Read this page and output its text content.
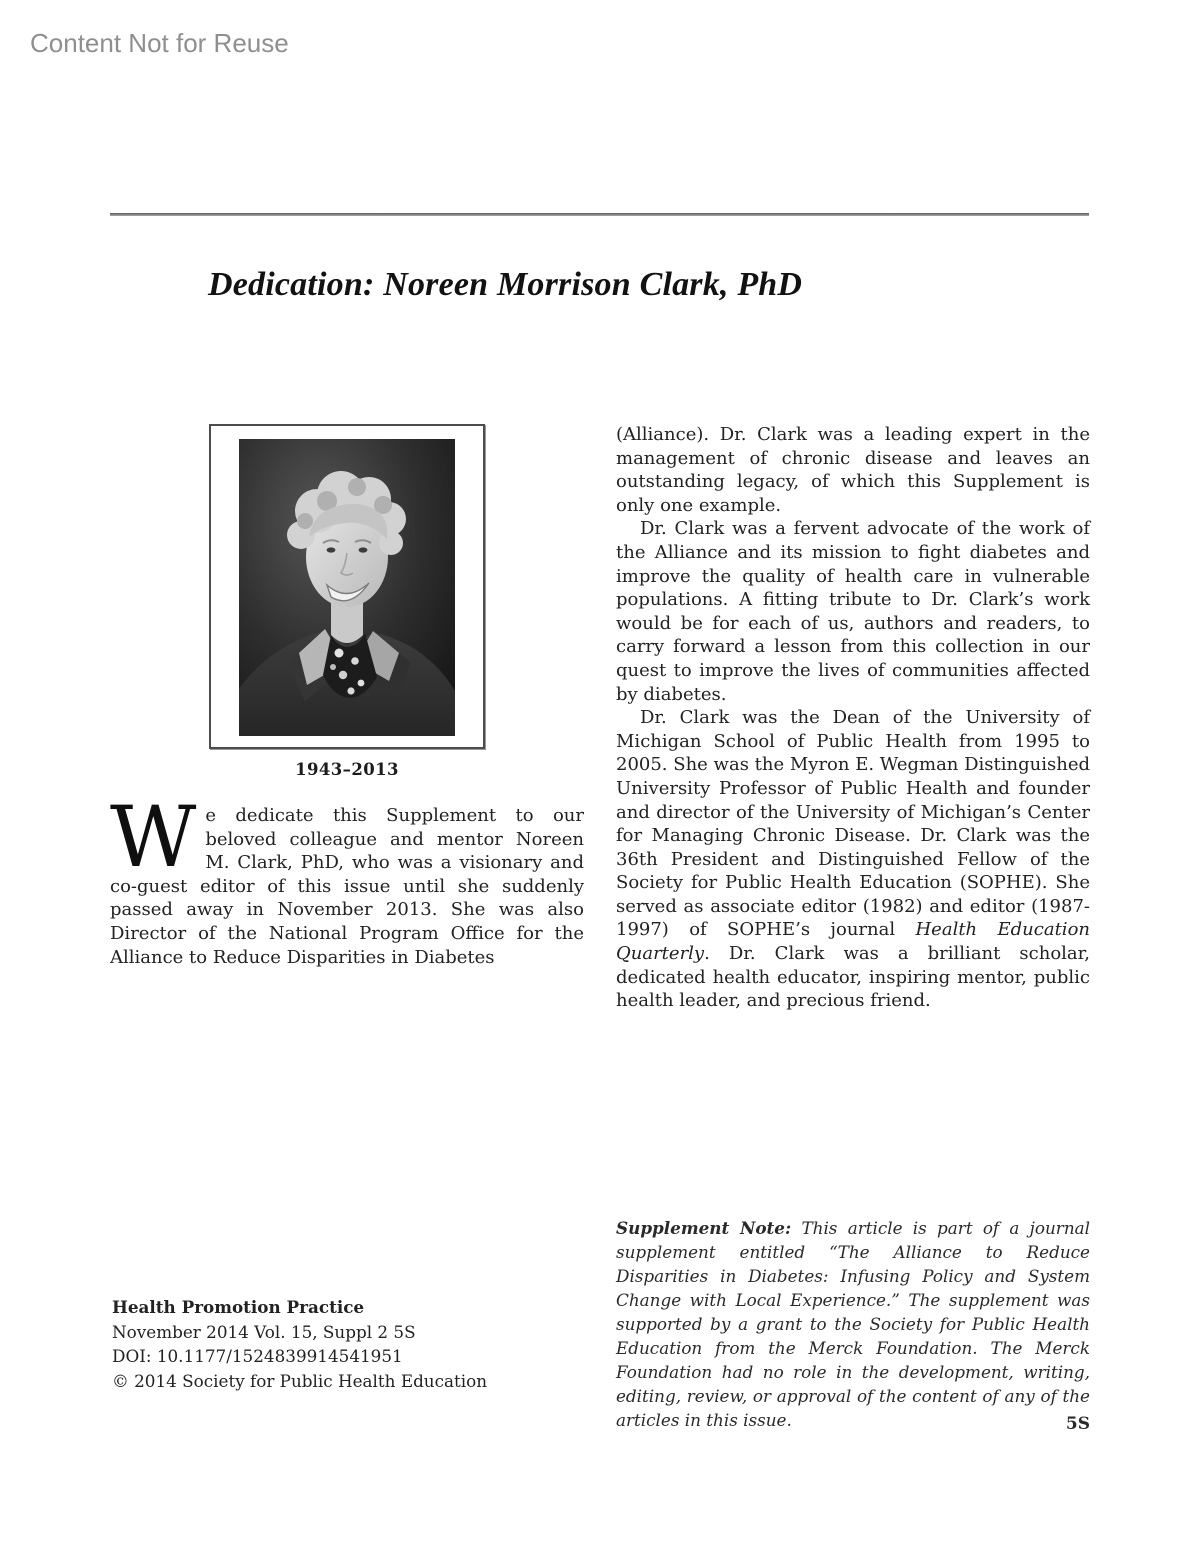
Content Not for Reuse
Dedication: Noreen Morrison Clark, PhD
1943–2013

We dedicate this Supplement to our beloved colleague and mentor Noreen M. Clark, PhD, who was a visionary and co-guest editor of this issue until she suddenly passed away in November 2013. She was also Director of the National Program Office for the Alliance to Reduce Disparities in Diabetes

(Alliance). Dr. Clark was a leading expert in the management of chronic disease and leaves an outstanding legacy, of which this Supplement is only one example.

Dr. Clark was a fervent advocate of the work of the Alliance and its mission to fight diabetes and improve the quality of health care in vulnerable populations. A fitting tribute to Dr. Clark’s work would be for each of us, authors and readers, to carry forward a lesson from this collection in our quest to improve the lives of communities affected by diabetes.

Dr. Clark was the Dean of the University of Michigan School of Public Health from 1995 to 2005. She was the Myron E. Wegman Distinguished University Professor of Public Health and founder and director of the University of Michigan’s Center for Managing Chronic Disease. Dr. Clark was the 36th President and Distinguished Fellow of the Society for Public Health Education (SOPHE). She served as associate editor (1982) and editor (1987-1997) of SOPHE’s journal Health Education Quarterly. Dr. Clark was a brilliant scholar, dedicated health educator, inspiring mentor, public health leader, and precious friend.

Supplement Note: This article is part of a journal supplement entitled “The Alliance to Reduce Disparities in Diabetes: Infusing Policy and System Change with Local Experience.” The supplement was supported by a grant to the Society for Public Health Education from the Merck Foundation. The Merck Foundation had no role in the development, writing, editing, review, or approval of the content of any of the articles in this issue.
Health Promotion Practice
November 2014 Vol. 15, Suppl 2 5S
DOI: 10.1177/1524839914541951
© 2014 Society for Public Health Education
5S
